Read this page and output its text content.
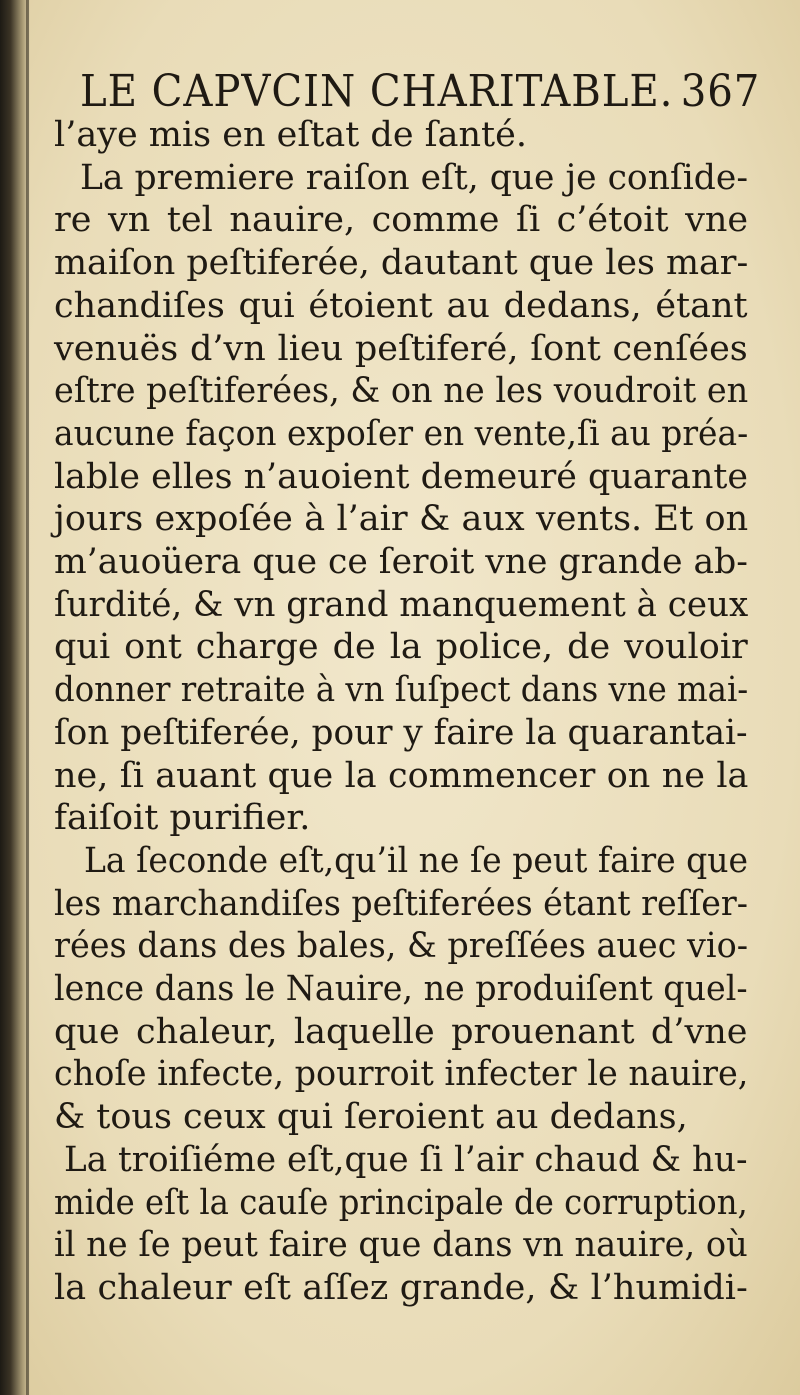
LE CAPVCIN CHARITABLE. 367
l’aye mis en eſtat de ſanté.
La premiere raiſon eſt, que je conſide-
re vn tel nauire, comme ſi c’étoit vne
maiſon peſtiferée, dautant que les mar-
chandiſes qui étoient au dedans, étant
venuës d’vn lieu peſtiferé, ſont cenſées
eſtre peſtiferées, & on ne les voudroit en
aucune façon expoſer en vente,ſi au préa-
lable elles n’auoient demeuré quarante
jours expoſée à l’air & aux vents. Et on
m’auoüera que ce ſeroit vne grande ab-
ſurdité, & vn grand manquement à ceux
qui ont charge de la police, de vouloir
donner retraite à vn ſuſpect dans vne mai-
ſon peſtiferée, pour y faire la quarantai-
ne, ſi auant que la commencer on ne la
faiſoit purifier.
La ſeconde eſt,qu’il ne ſe peut faire que
les marchandiſes peſtiferées étant reſſer-
rées dans des bales, & preſſées auec vio-
lence dans le Nauire, ne produiſent quel-
que chaleur, laquelle prouenant d’vne
choſe infecte, pourroit infecter le nauire,
& tous ceux qui ſeroient au dedans,
La troiſiéme eſt,que ſi l’air chaud & hu-
mide eſt la cauſe principale de corruption,
il ne ſe peut faire que dans vn nauire, où
la chaleur eſt aſſez grande, & l’humidi-
